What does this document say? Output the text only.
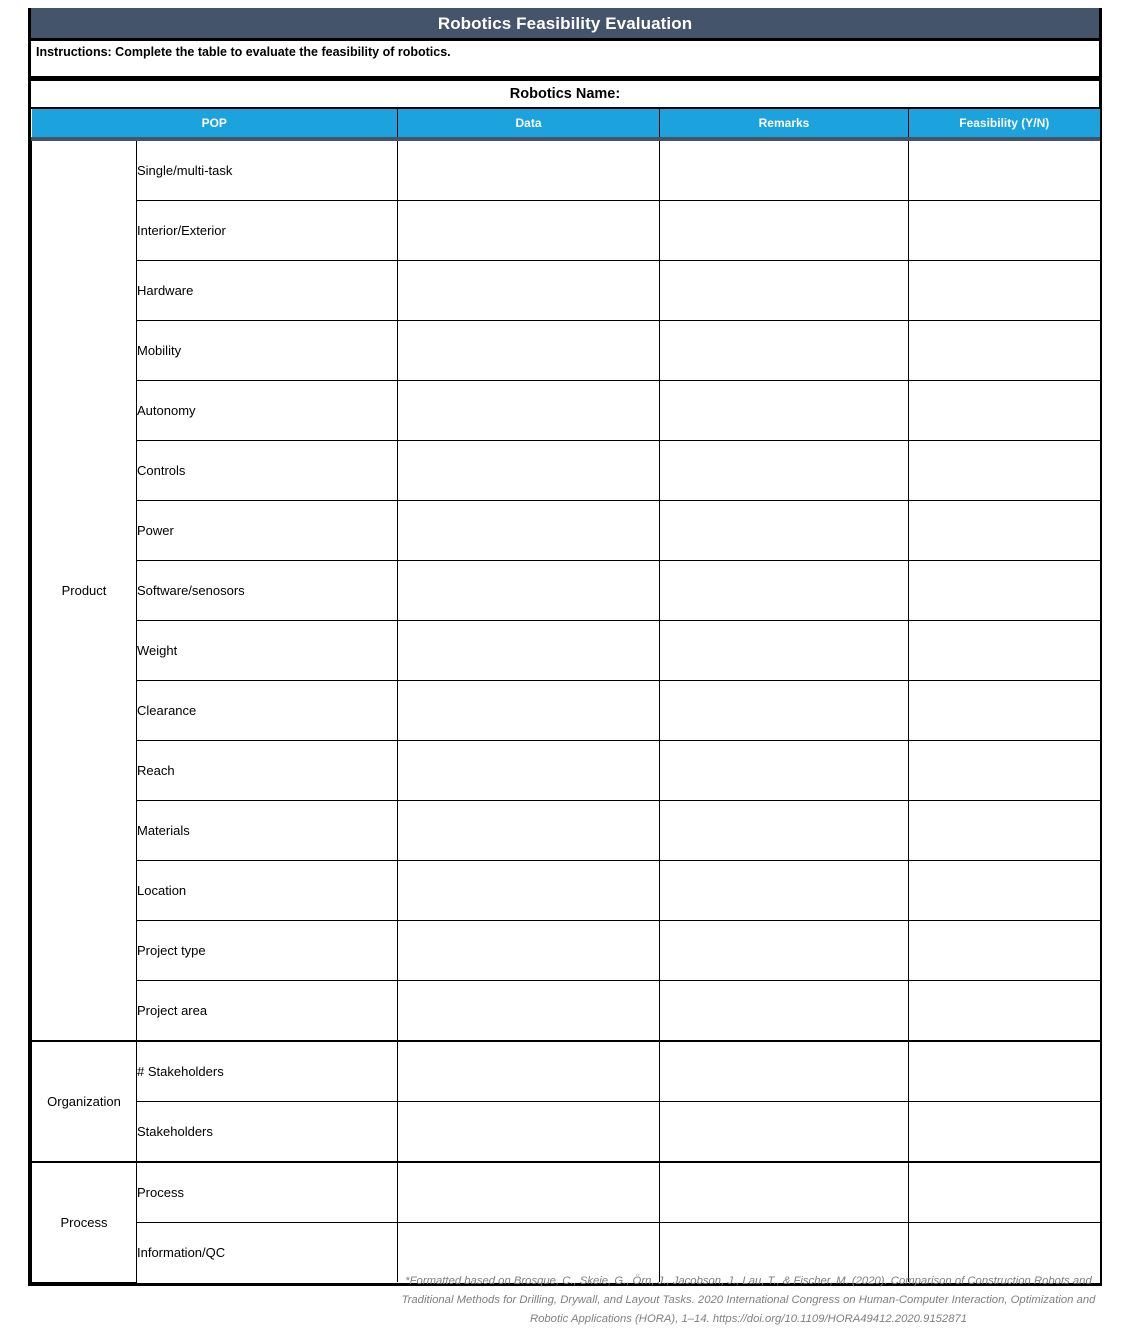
Robotics Feasibility Evaluation
Instructions: Complete the table to evaluate the feasibility of robotics.
Robotics Name:
POP		Data	Remarks	Feasibility (Y/N)
Product	Single/multi-task			
	Interior/Exterior			
	Hardware			
	Mobility			
	Autonomy			
	Controls			
	Power			
	Software/senosors			
	Weight			
	Clearance			
	Reach			
	Materials			
	Location			
	Project type			
	Project area			
Organization	# Stakeholders			
	Stakeholders			
Process	Process			
	Information/QC			
*Formatted based on Brosque, C., Skeie, G., Örn, J., Jacobson, J., Lau, T., & Fischer, M. (2020). Comparison of Construction Robots and Traditional Methods for Drilling, Drywall, and Layout Tasks. 2020 International Congress on Human-Computer Interaction, Optimization and Robotic Applications (HORA), 1–14. https://doi.org/10.1109/HORA49412.2020.9152871
